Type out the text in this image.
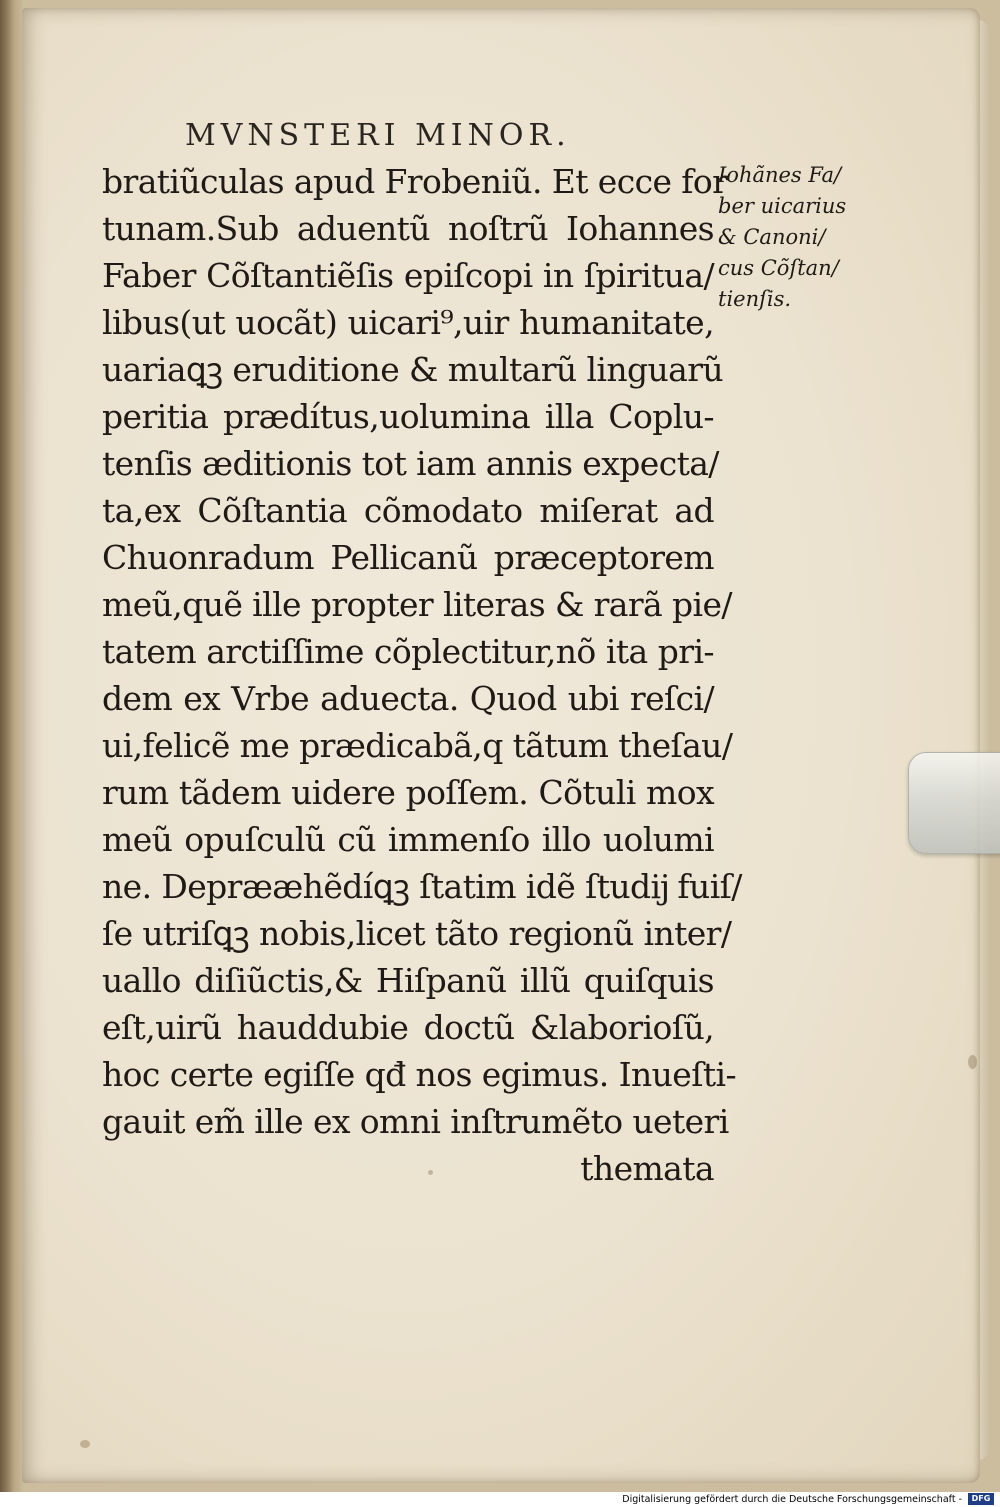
MVNSTERI MINOR.
bratiũculas apud Frobeniũ. Et ecce for
tunam.Sub aduentũ noſtrũ Iohannes
Faber Cõſtantiẽſis epiſcopi in ſpiritua/
libus(ut uocãt) uicari⁹,uir humanitate,
uariaꝗꝫ eruditione & multarũ linguarũ
peritia prædítus,uolumina illa Coplu-
tenſis æditionis tot iam annis expecta/
ta,ex Cõſtantia cõmodato miſerat ad
Chuonradum Pellicanũ præceptorem
meũ,quẽ ille propter literas & rarã pie/
tatem arctiſſime cõplectitur,nõ ita pri-
dem ex Vrbe aduecta. Quod ubi reſci/
ui,felicẽ me prædicabã,q tãtum theſau/
rum tãdem uidere poſſem. Cõtuli mox
meũ opuſculũ cũ immenſo illo uolumi
ne. Deprææhẽdíꝗꝫ ſtatim idẽ ſtudĳ fuiſ/
ſe utriſꝗꝫ nobis,licet tãto regionũ inter/
uallo diſiũctis,& Hiſpanũ illũ quiſquis
eſt,uirũ hauddubie doctũ &laborioſũ,
hoc certe egiſſe qđ nos egimus. Inueſti-
gauit em̃ ille ex omni inſtrumẽto ueteri
themata
Iohãnes Fa/
ber uicarius
& Canoni/
cus Cõſtan/
tienſis.
Digitalisierung gefördert durch die Deutsche Forschungsgemeinschaft -	DFG
